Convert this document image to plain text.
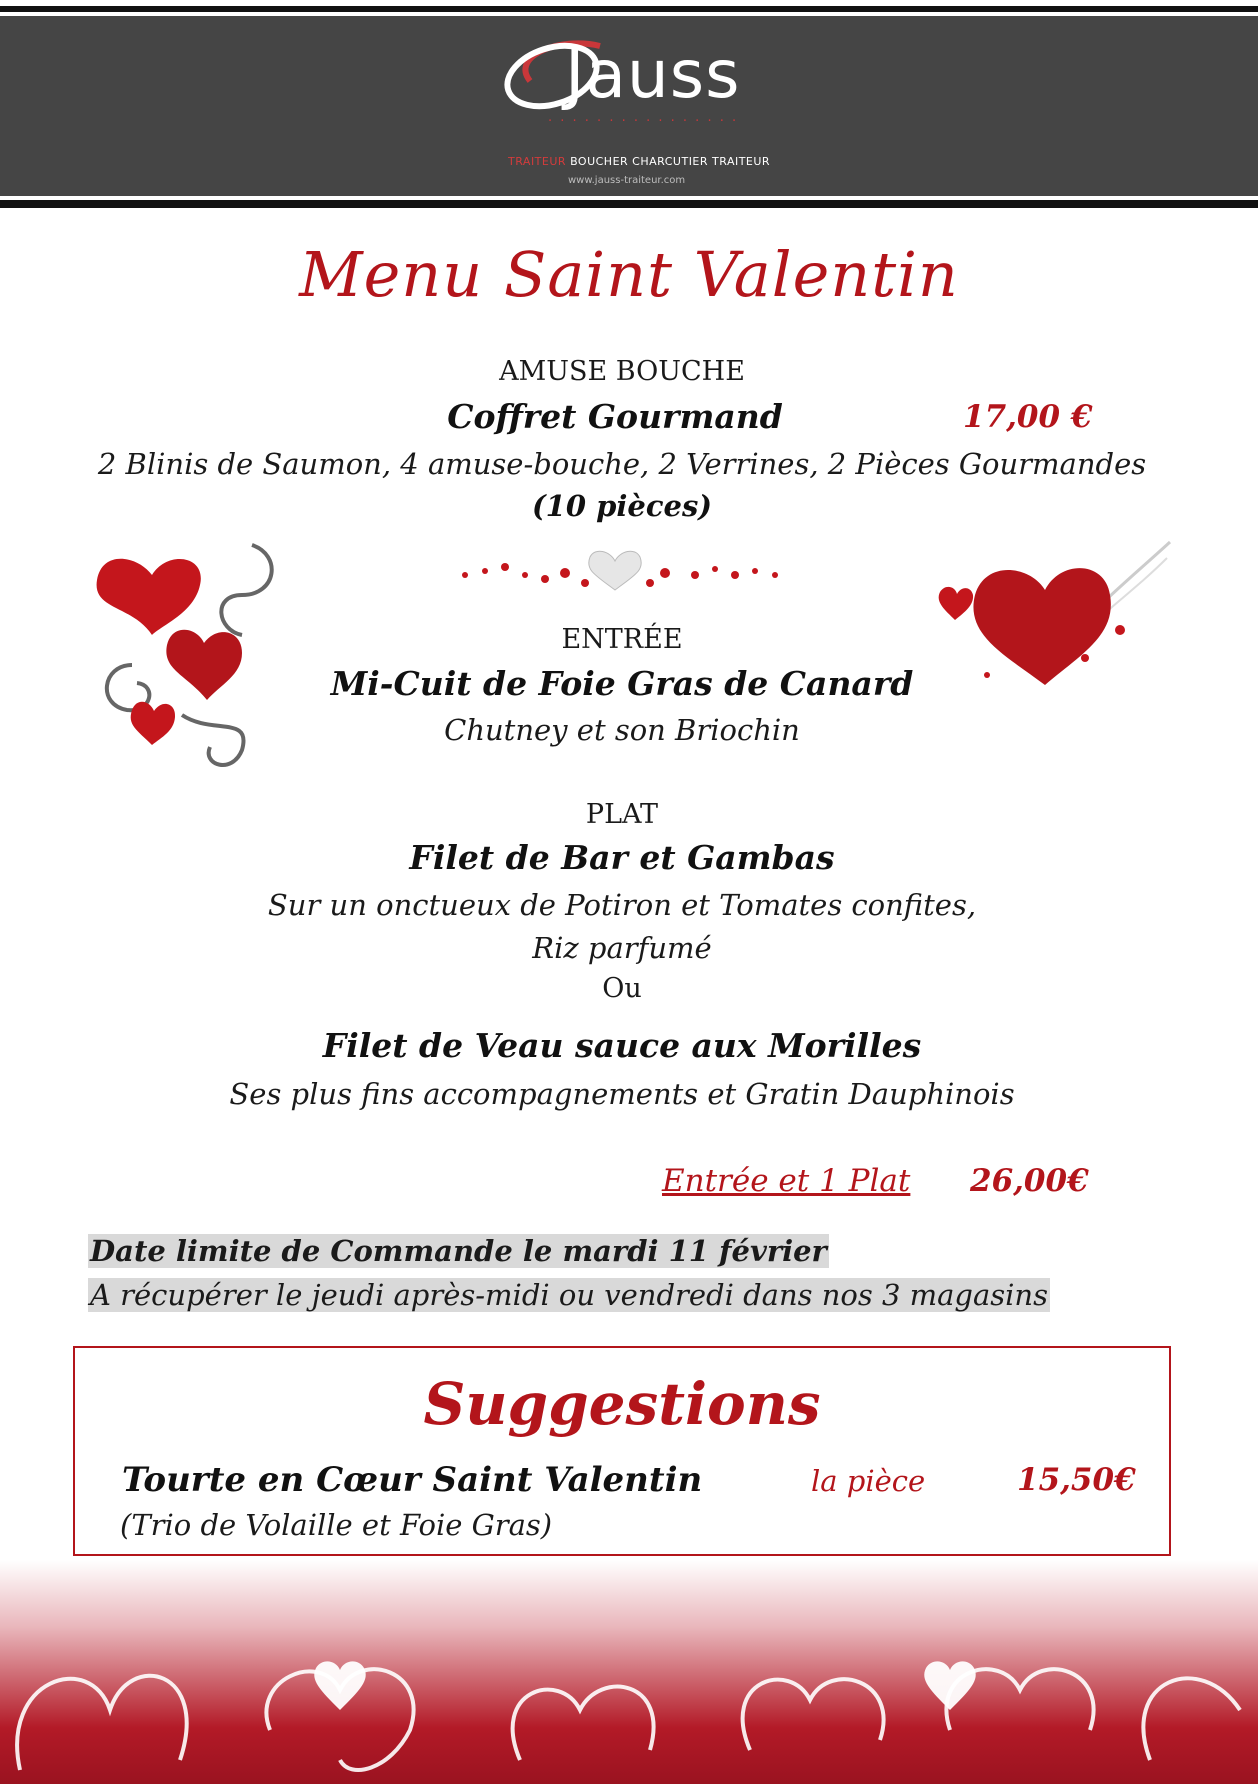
Jauss
· · · · · · · · · · · · · · · ·
TRAITEUR BOUCHER CHARCUTIER TRAITEUR
www.jauss-traiteur.com
Menu Saint Valentin
AMUSE BOUCHE
Coffret Gourmand	17,00 €
2 Blinis de Saumon, 4 amuse-bouche, 2 Verrines, 2 Pièces Gourmandes
(10 pièces)
ENTRÉE
Mi-Cuit de Foie Gras de Canard
Chutney et son Briochin
PLAT
Filet de Bar et Gambas
Sur un onctueux de Potiron et Tomates confites,
Riz parfumé
Ou
Filet de Veau sauce aux Morilles
Ses plus fins accompagnements et Gratin Dauphinois
Entrée et 1 Plat 26,00€
Date limite de Commande le mardi 11 février
A récupérer le jeudi après-midi ou vendredi dans nos 3 magasins
Suggestions
Tourte en Cœur Saint Valentin	la pièce	15,50€
(Trio de Volaille et Foie Gras)
